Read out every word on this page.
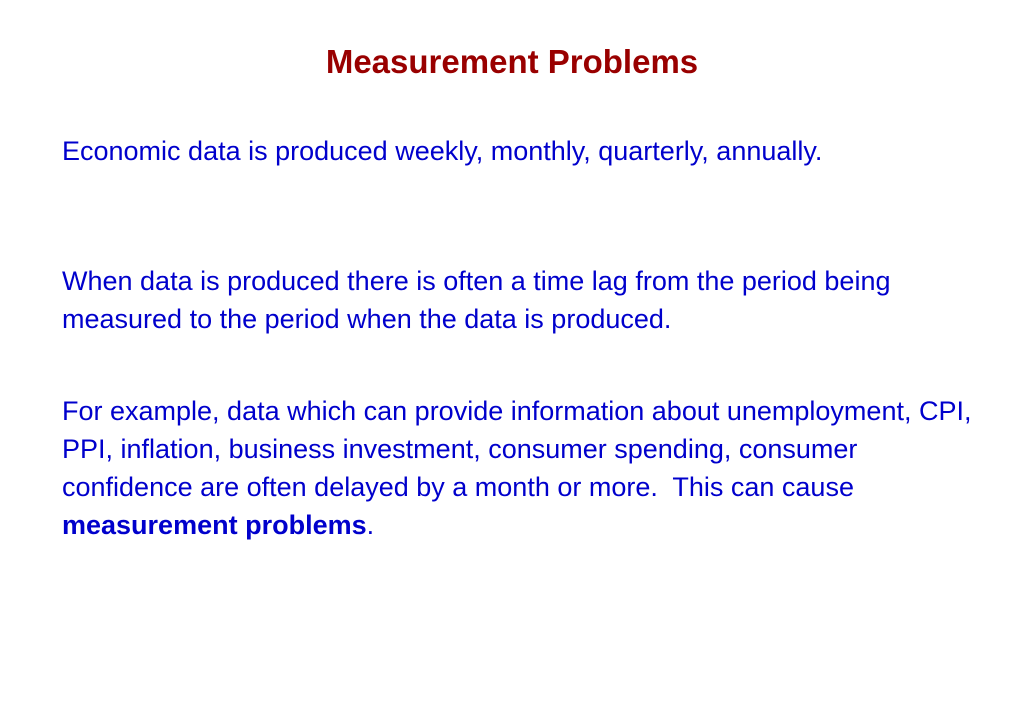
Measurement Problems

Economic data is produced weekly, monthly, quarterly, annually.

When data is produced there is often a time lag from the period being measured to the period when the data is produced.

For example, data which can provide information about unemployment, CPI, PPI, inflation, business investment, consumer spending, consumer confidence are often delayed by a month or more.  This can cause measurement problems.
